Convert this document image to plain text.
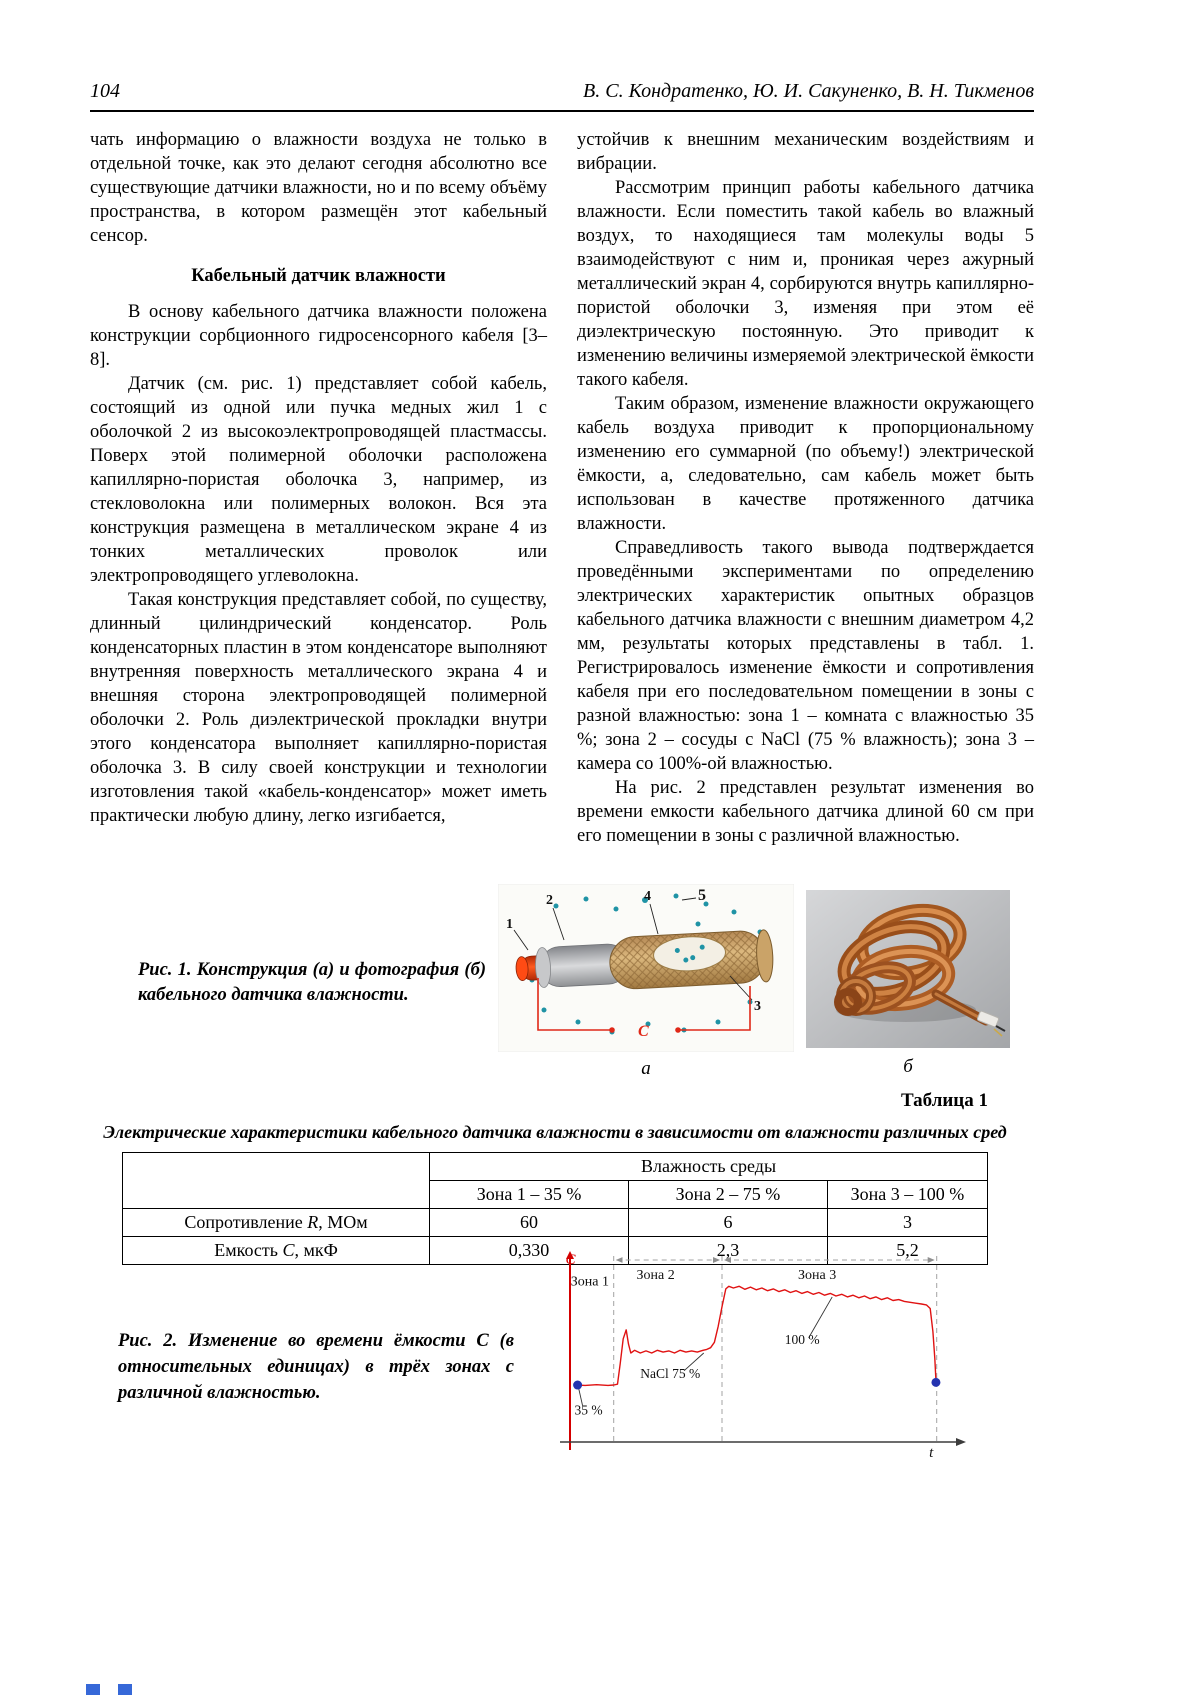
104	В. С. Кондратенко, Ю. И. Сакуненко, В. Н. Тикменов

чать информацию о влажности воздуха не только в отдельной точке, как это делают сегодня абсолютно все существующие датчики влажности, но и по всему объёму пространства, в котором размещён этот кабельный сенсор.

Кабельный датчик влажности

В основу кабельного датчика влажности положена конструкции сорбционного гидросенсорного кабеля [3–8].

Датчик (см. рис. 1) представляет собой кабель, состоящий из одной или пучка медных жил 1 с оболочкой 2 из высокоэлектропроводящей пластмассы. Поверх этой полимерной оболочки расположена капиллярно-пористая оболочка 3, например, из стекловолокна или полимерных волокон. Вся эта конструкция размещена в металлическом экране 4 из тонких металлических проволок или электропроводящего углеволокна.

Такая конструкция представляет собой, по существу, длинный цилиндрический конденсатор. Роль конденсаторных пластин в этом конденсаторе выполняют внутренняя поверхность металлического экрана 4 и внешняя сторона электропроводящей полимерной оболочки 2. Роль диэлектрической прокладки внутри этого конденсатора выполняет капиллярно-пористая оболочка 3. В силу своей конструкции и технологии изготовления такой «кабель-конденсатор» может иметь практически любую длину, легко изгибается,

устойчив к внешним механическим воздействиям и вибрации.

Рассмотрим принцип работы кабельного датчика влажности. Если поместить такой кабель во влажный воздух, то находящиеся там молекулы воды 5 взаимодействуют с ним и, проникая через ажурный металлический экран 4, сорбируются внутрь капиллярно-пористой оболочки 3, изменяя при этом её диэлектрическую постоянную. Это приводит к изменению величины измеряемой электрической ёмкости такого кабеля.

Таким образом, изменение влажности окружающего кабель воздуха приводит к пропорциональному изменению его суммарной (по объему!) электрической ёмкости, а, следовательно, сам кабель может быть использован в качестве протяженного датчика влажности.

Справедливость такого вывода подтверждается проведёнными экспериментами по определению электрических характеристик опытных образцов кабельного датчика влажности с внешним диаметром 4,2 мм, результаты которых представлены в табл. 1. Регистрировалось изменение ёмкости и сопротивления кабеля при его последовательном помещении в зоны с разной влажностью: зона 1 – комната с влажностью 35 %; зона 2 – сосуды с NaCl (75 % влажность); зона 3 – камера со 100%-ой влажностью.

На рис. 2 представлен результат изменения во времени емкости кабельного датчика длиной 60 см при его помещении в зоны с различной влажностью.

Рис. 1. Конструкция (а) и фотография (б) кабельного датчика влажности.
1
2	4	5
3
C
а	б
Таблица 1
Электрические характеристики кабельного датчика влажности в зависимости от влажности различных сред
	Влажность среды		
	Зона 1 – 35 %	Зона 2 – 75 %	Зона 3 – 100 %
Сопротивление R, МОм	60	6	3
Емкость С, мкФ	0,330	2,3	5,2
Рис. 2. Изменение во времени ёмкости С (в относительных единицах) в трёх зонах с различной влажностью.
C
Зона 1 Зона 2	Зона 3
NaCl 75 %
100 %
35 %
t
